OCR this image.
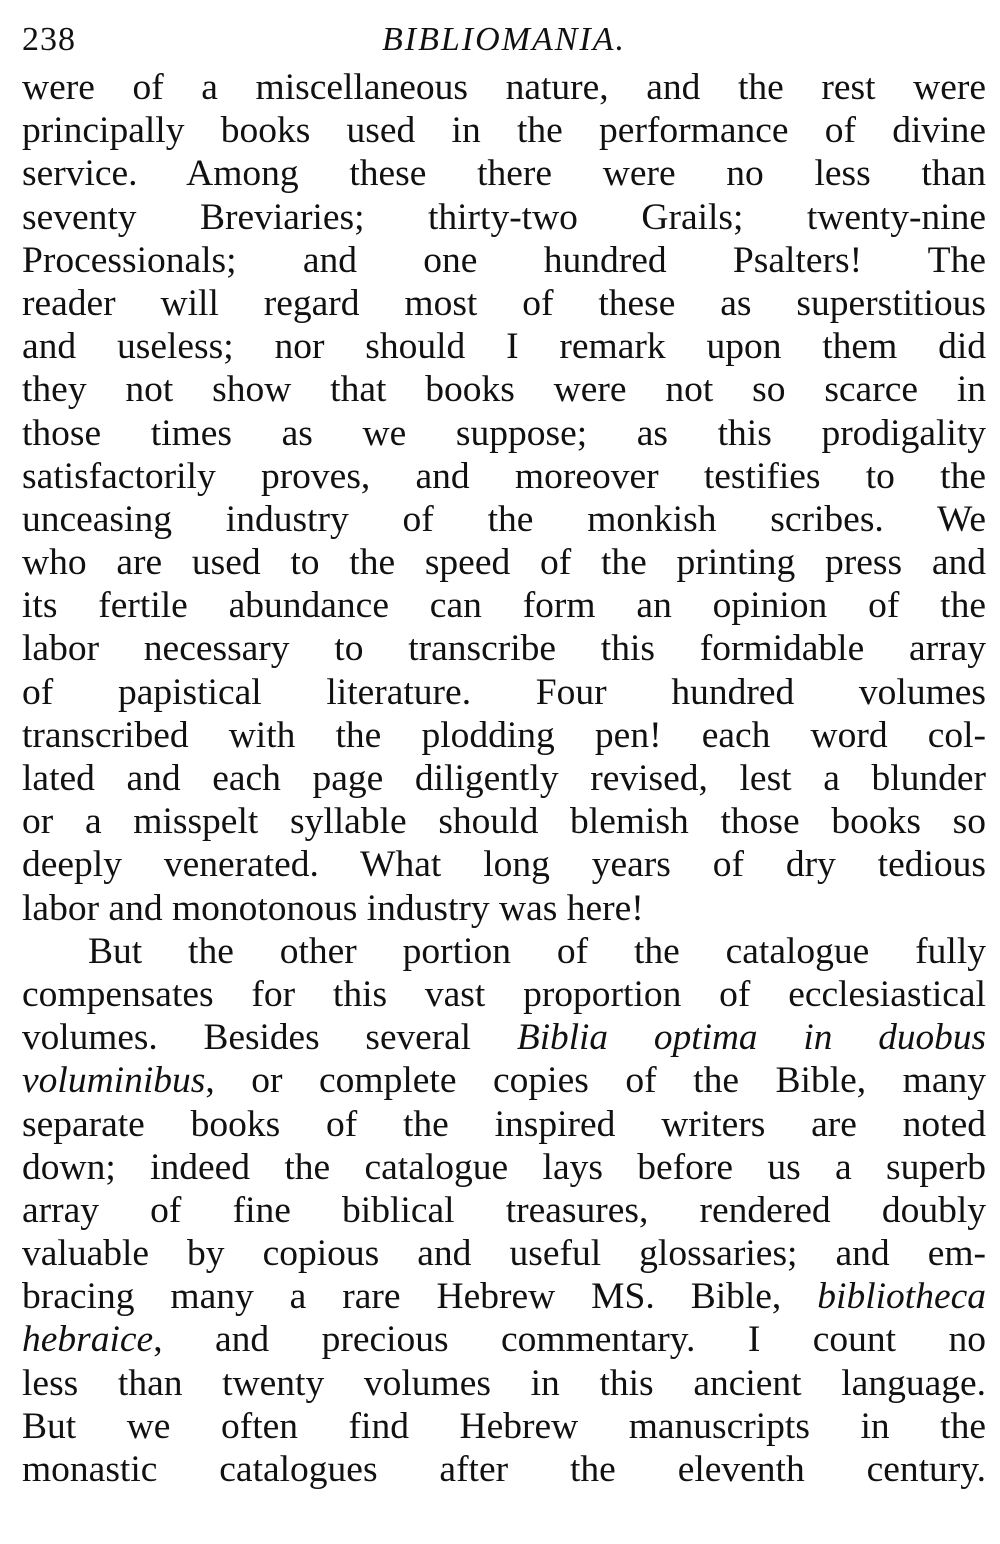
238	BIBLIOMANIA.
were of a miscellaneous nature, and the rest were
principally books used in the performance of divine
service. Among these there were no less than
seventy Breviaries; thirty-two Grails; twenty-nine
Processionals; and one hundred Psalters! The
reader will regard most of these as superstitious
and useless; nor should I remark upon them did
they not show that books were not so scarce in
those times as we suppose; as this prodigality
satisfactorily proves, and moreover testifies to the
unceasing industry of the monkish scribes. We
who are used to the speed of the printing press and
its fertile abundance can form an opinion of the
labor necessary to transcribe this formidable array
of papistical literature. Four hundred volumes
transcribed with the plodding pen! each word col-
lated and each page diligently revised, lest a blunder
or a misspelt syllable should blemish those books so
deeply venerated. What long years of dry tedious
labor and monotonous industry was here!
But the other portion of the catalogue fully
compensates for this vast proportion of ecclesiastical
volumes. Besides several Biblia optima in duobus
voluminibus, or complete copies of the Bible, many
separate books of the inspired writers are noted
down; indeed the catalogue lays before us a superb
array of fine biblical treasures, rendered doubly
valuable by copious and useful glossaries; and em-
bracing many a rare Hebrew MS. Bible, bibliotheca
hebraice, and precious commentary. I count no
less than twenty volumes in this ancient language.
But we often find Hebrew manuscripts in the
monastic catalogues after the eleventh century.
